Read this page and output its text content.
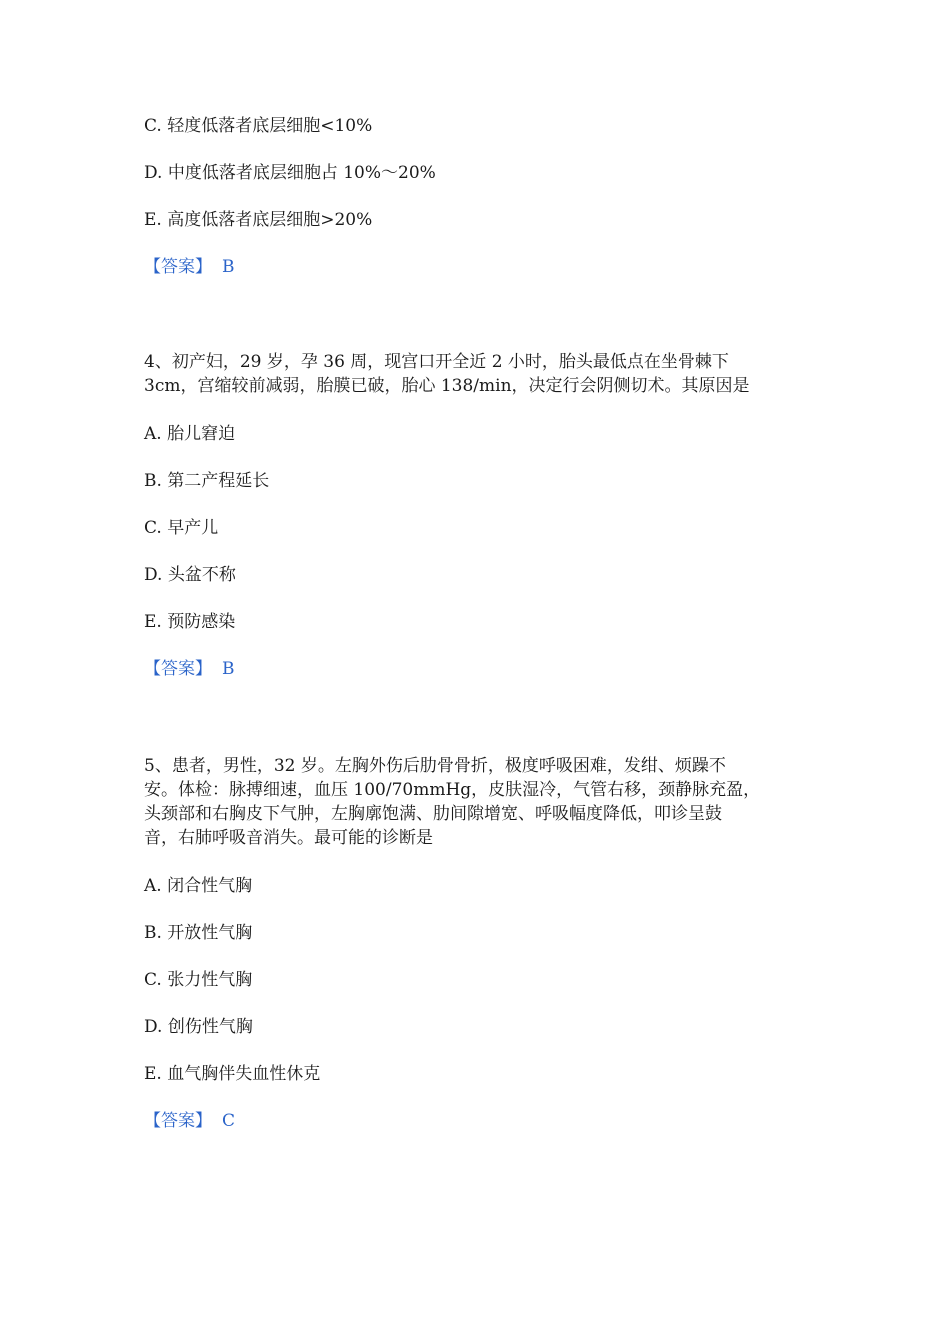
C. 轻度低落者底层细胞<10%
D. 中度低落者底层细胞占 10%～20%
E. 高度低落者底层细胞>20%
【答案】 B
4、初产妇，29 岁，孕 36 周，现宫口开全近 2 小时，胎头最低点在坐骨棘下
3cm，宫缩较前减弱，胎膜已破，胎心 138/min，决定行会阴侧切术。其原因是
A. 胎儿窘迫
B. 第二产程延长
C. 早产儿
D. 头盆不称
E. 预防感染
【答案】 B
5、患者，男性，32 岁。左胸外伤后肋骨骨折，极度呼吸困难，发绀、烦躁不
安。体检：脉搏细速，血压 100/70mmHg，皮肤湿冷，气管右移，颈静脉充盈，
头颈部和右胸皮下气肿，左胸廓饱满、肋间隙增宽、呼吸幅度降低，叩诊呈鼓
音，右肺呼吸音消失。最可能的诊断是
A. 闭合性气胸
B. 开放性气胸
C. 张力性气胸
D. 创伤性气胸
E. 血气胸伴失血性休克
【答案】 C
